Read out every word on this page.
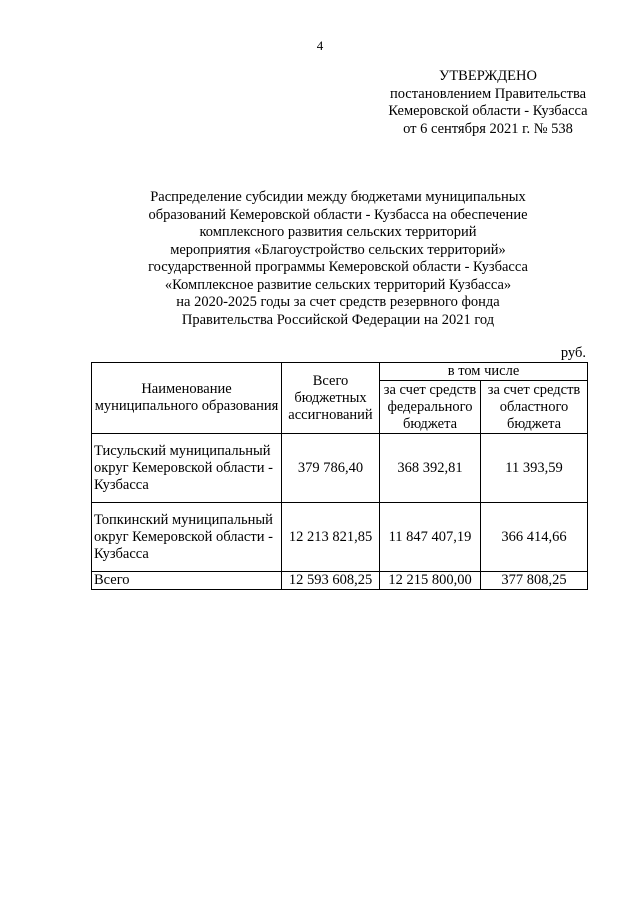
4
УТВЕРЖДЕНО
постановлением Правительства
Кемеровской области - Кузбасса
от 6 сентября 2021 г. № 538
Распределение субсидии между бюджетами муниципальных
образований Кемеровской области - Кузбасса на обеспечение
комплексного развития сельских территорий
мероприятия «Благоустройство сельских территорий»
государственной программы Кемеровской области - Кузбасса
«Комплексное развитие сельских территорий Кузбасса»
на 2020-2025 годы за счет средств резервного фонда
Правительства Российской Федерации на 2021 год
руб.
Наименование муниципального образования	Всего бюджетных ассигнований	в том числе	
		за счет средств федерального бюджета	за счет средств областного бюджета
Тисульский муниципальный округ Кемеровской области - Кузбасса	379 786,40	368 392,81	11 393,59
Топкинский муниципальный округ Кемеровской области - Кузбасса	12 213 821,85	11 847 407,19	366 414,66
Всего	12 593 608,25	12 215 800,00	377 808,25
